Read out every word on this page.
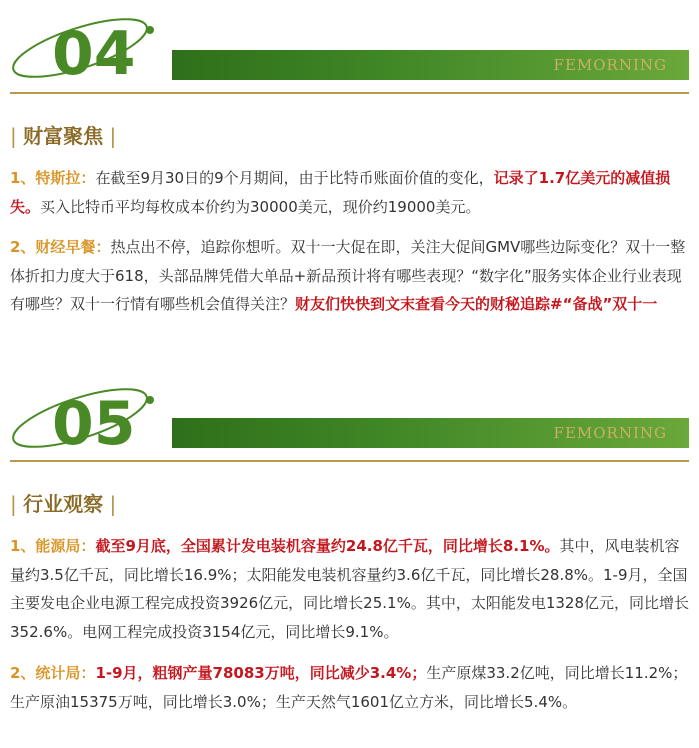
04	FEMORNING
| 财富聚焦 |

1、特斯拉：在截至9月30日的9个月期间，由于比特币账面价值的变化，记录了1.7亿美元的减值损失。买入比特币平均每枚成本价约为30000美元，现价约19000美元。

2、财经早餐：热点出不停，追踪你想听。双十一大促在即，关注大促间GMV哪些边际变化？双十一整体折扣力度大于618，头部品牌凭借大单品+新品预计将有哪些表现？“数字化”服务实体企业行业表现有哪些？双十一行情有哪些机会值得关注？财友们快快到文末查看今天的财秘追踪#“备战”双十一

05	FEMORNING
| 行业观察 |

1、能源局：截至9月底，全国累计发电装机容量约24.8亿千瓦，同比增长8.1%。其中，风电装机容量约3.5亿千瓦，同比增长16.9%；太阳能发电装机容量约3.6亿千瓦，同比增长28.8%。1-9月，全国主要发电企业电源工程完成投资3926亿元，同比增长25.1%。其中，太阳能发电1328亿元，同比增长352.6%。电网工程完成投资3154亿元，同比增长9.1%。

2、统计局：1-9月，粗钢产量78083万吨，同比减少3.4%；生产原煤33.2亿吨，同比增长11.2%；生产原油15375万吨，同比增长3.0%；生产天然气1601亿立方米，同比增长5.4%。
